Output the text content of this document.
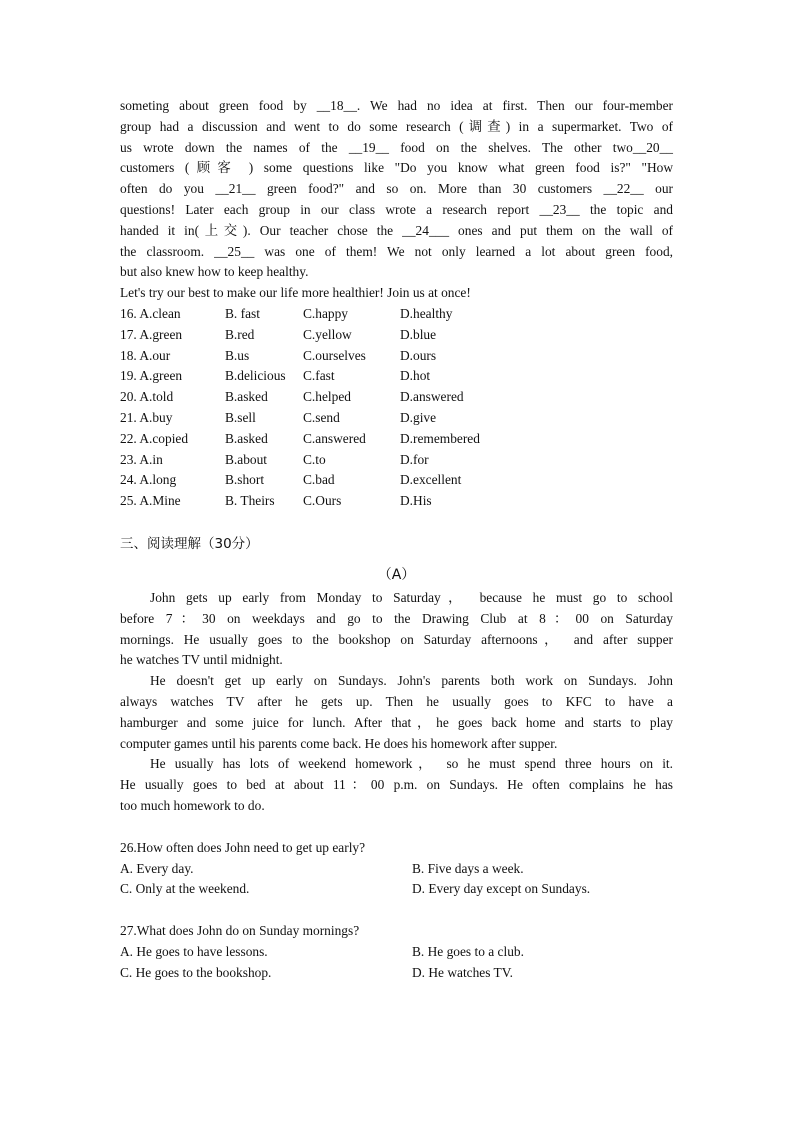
someting about green food by __18__. We had no idea at first. Then our four-member

group had a discussion and went to do some research (调查) in a supermarket. Two of

us wrote down the names of the __19__ food on the shelves. The other two__20__

customers (顾客 ) some questions like "Do you know what green food is?" "How

often do you __21__ green food?" and so on. More than 30 customers __22__ our

questions! Later each group in our class wrote a research report __23__ the topic and

handed it in(上交). Our teacher chose the __24___ ones and put them on the wall of

the classroom. __25__ was one of them! We not only learned a lot about green food,

but also knew how to keep healthy.

Let's try our best to make our life more healthier! Join us at once!

16. A.clean	B. fast	C.happy	D.healthy
17. A.green	B.red	C.yellow	D.blue
18. A.our	B.us	C.ourselves	D.ours
19. A.green	B.delicious C.fast	D.hot
20. A.told	B.asked	C.helped	D.answered
21. A.buy	B.sell	C.send	D.give
22. A.copied	B.asked	C.answered	D.remembered
23. A.in	B.about	C.to	D.for
24. A.long	B.short	C.bad	D.excellent
25. A.Mine	B. Theirs C.Ours	D.His
三、阅读理解（30分）
（A）

John gets up early from Monday to Saturday， because he must go to school

before 7：30 on weekdays and go to the Drawing Club at 8：00 on Saturday

mornings. He usually goes to the bookshop on Saturday afternoons， and after supper

he watches TV until midnight.

He doesn't get up early on Sundays. John's parents both work on Sundays. John

always watches TV after he gets up. Then he usually goes to KFC to have a

hamburger and some juice for lunch. After that，he goes back home and starts to play

computer games until his parents come back. He does his homework after supper.

He usually has lots of weekend homework， so he must spend three hours on it.

He usually goes to bed at about 11：00 p.m. on Sundays. He often complains he has

too much homework to do.

26.How often does John need to get up early?

A. Every day.	B. Five days a week.
C. Only at the weekend.	D. Every day except on Sundays.

27.What does John do on Sunday mornings?

A. He goes to have lessons.	B. He goes to a club.
C. He goes to the bookshop.	D. He watches TV.
